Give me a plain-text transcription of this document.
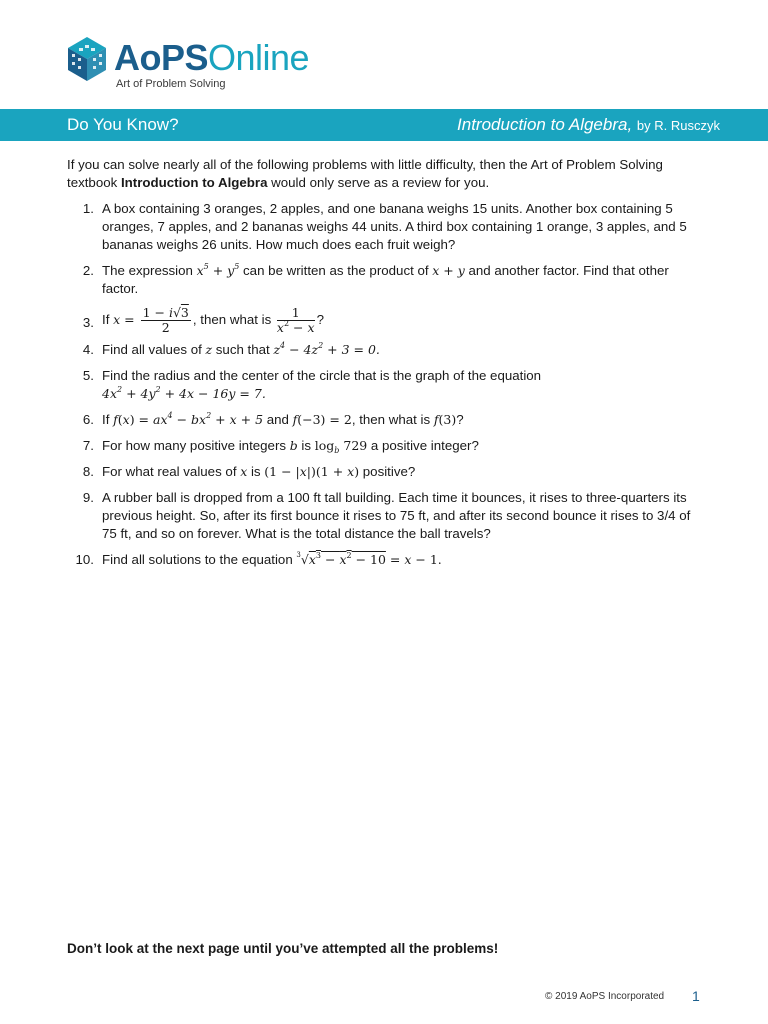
AoPSOnline
Art of Problem Solving
Do You Know?	Introduction to Algebra, by R. Rusczyk
If you can solve nearly all of the following problems with little difficulty, then the Art of Problem Solving textbook Introduction to Algebra would only serve as a review for you.
1. A box containing 3 oranges, 2 apples, and one banana weighs 15 units. Another box containing 5 oranges, 7 apples, and 2 bananas weighs 44 units. A third box containing 1 orange, 3 apples, and 5 bananas weighs 26 units. How much does each fruit weigh?
2. The expression $x^5 + y^5$ can be written as the product of x + y and another factor. Find that other factor.
3. If $x = \frac{1 - i√3}{2}$ , then what is $\frac{1}{x^2 - x}$ ?
4. Find all values of z such that $z^4 - 4z^2 + 3 = 0$.
5. Find the radius and the center of the circle that is the graph of the equation
$4x^2 + 4y^2 + 4x - 16y = 7$.
6. If $f(x) = ax^4 - bx^2 + x + 5$ and f(−3) = 2, then what is f(3)?
7. For how many positive integers b is $\log_b 729$ a positive integer?
8. For what real values of x is (1 − |x|)(1 + x) positive?
9. A rubber ball is dropped from a 100 ft tall building. Each time it bounces, it rises to three-quarters its previous height. So, after its first bounce it rises to 75 ft, and after its second bounce it rises to 3/4 of 75 ft, and so on forever. What is the total distance the ball travels?
10. Find all solutions to the equation $^3√x^3 - x^2 - 10 = x - 1$.
Don’t look at the next page until you’ve attempted all the problems!
© 2019 AoPS Incorporated 1
